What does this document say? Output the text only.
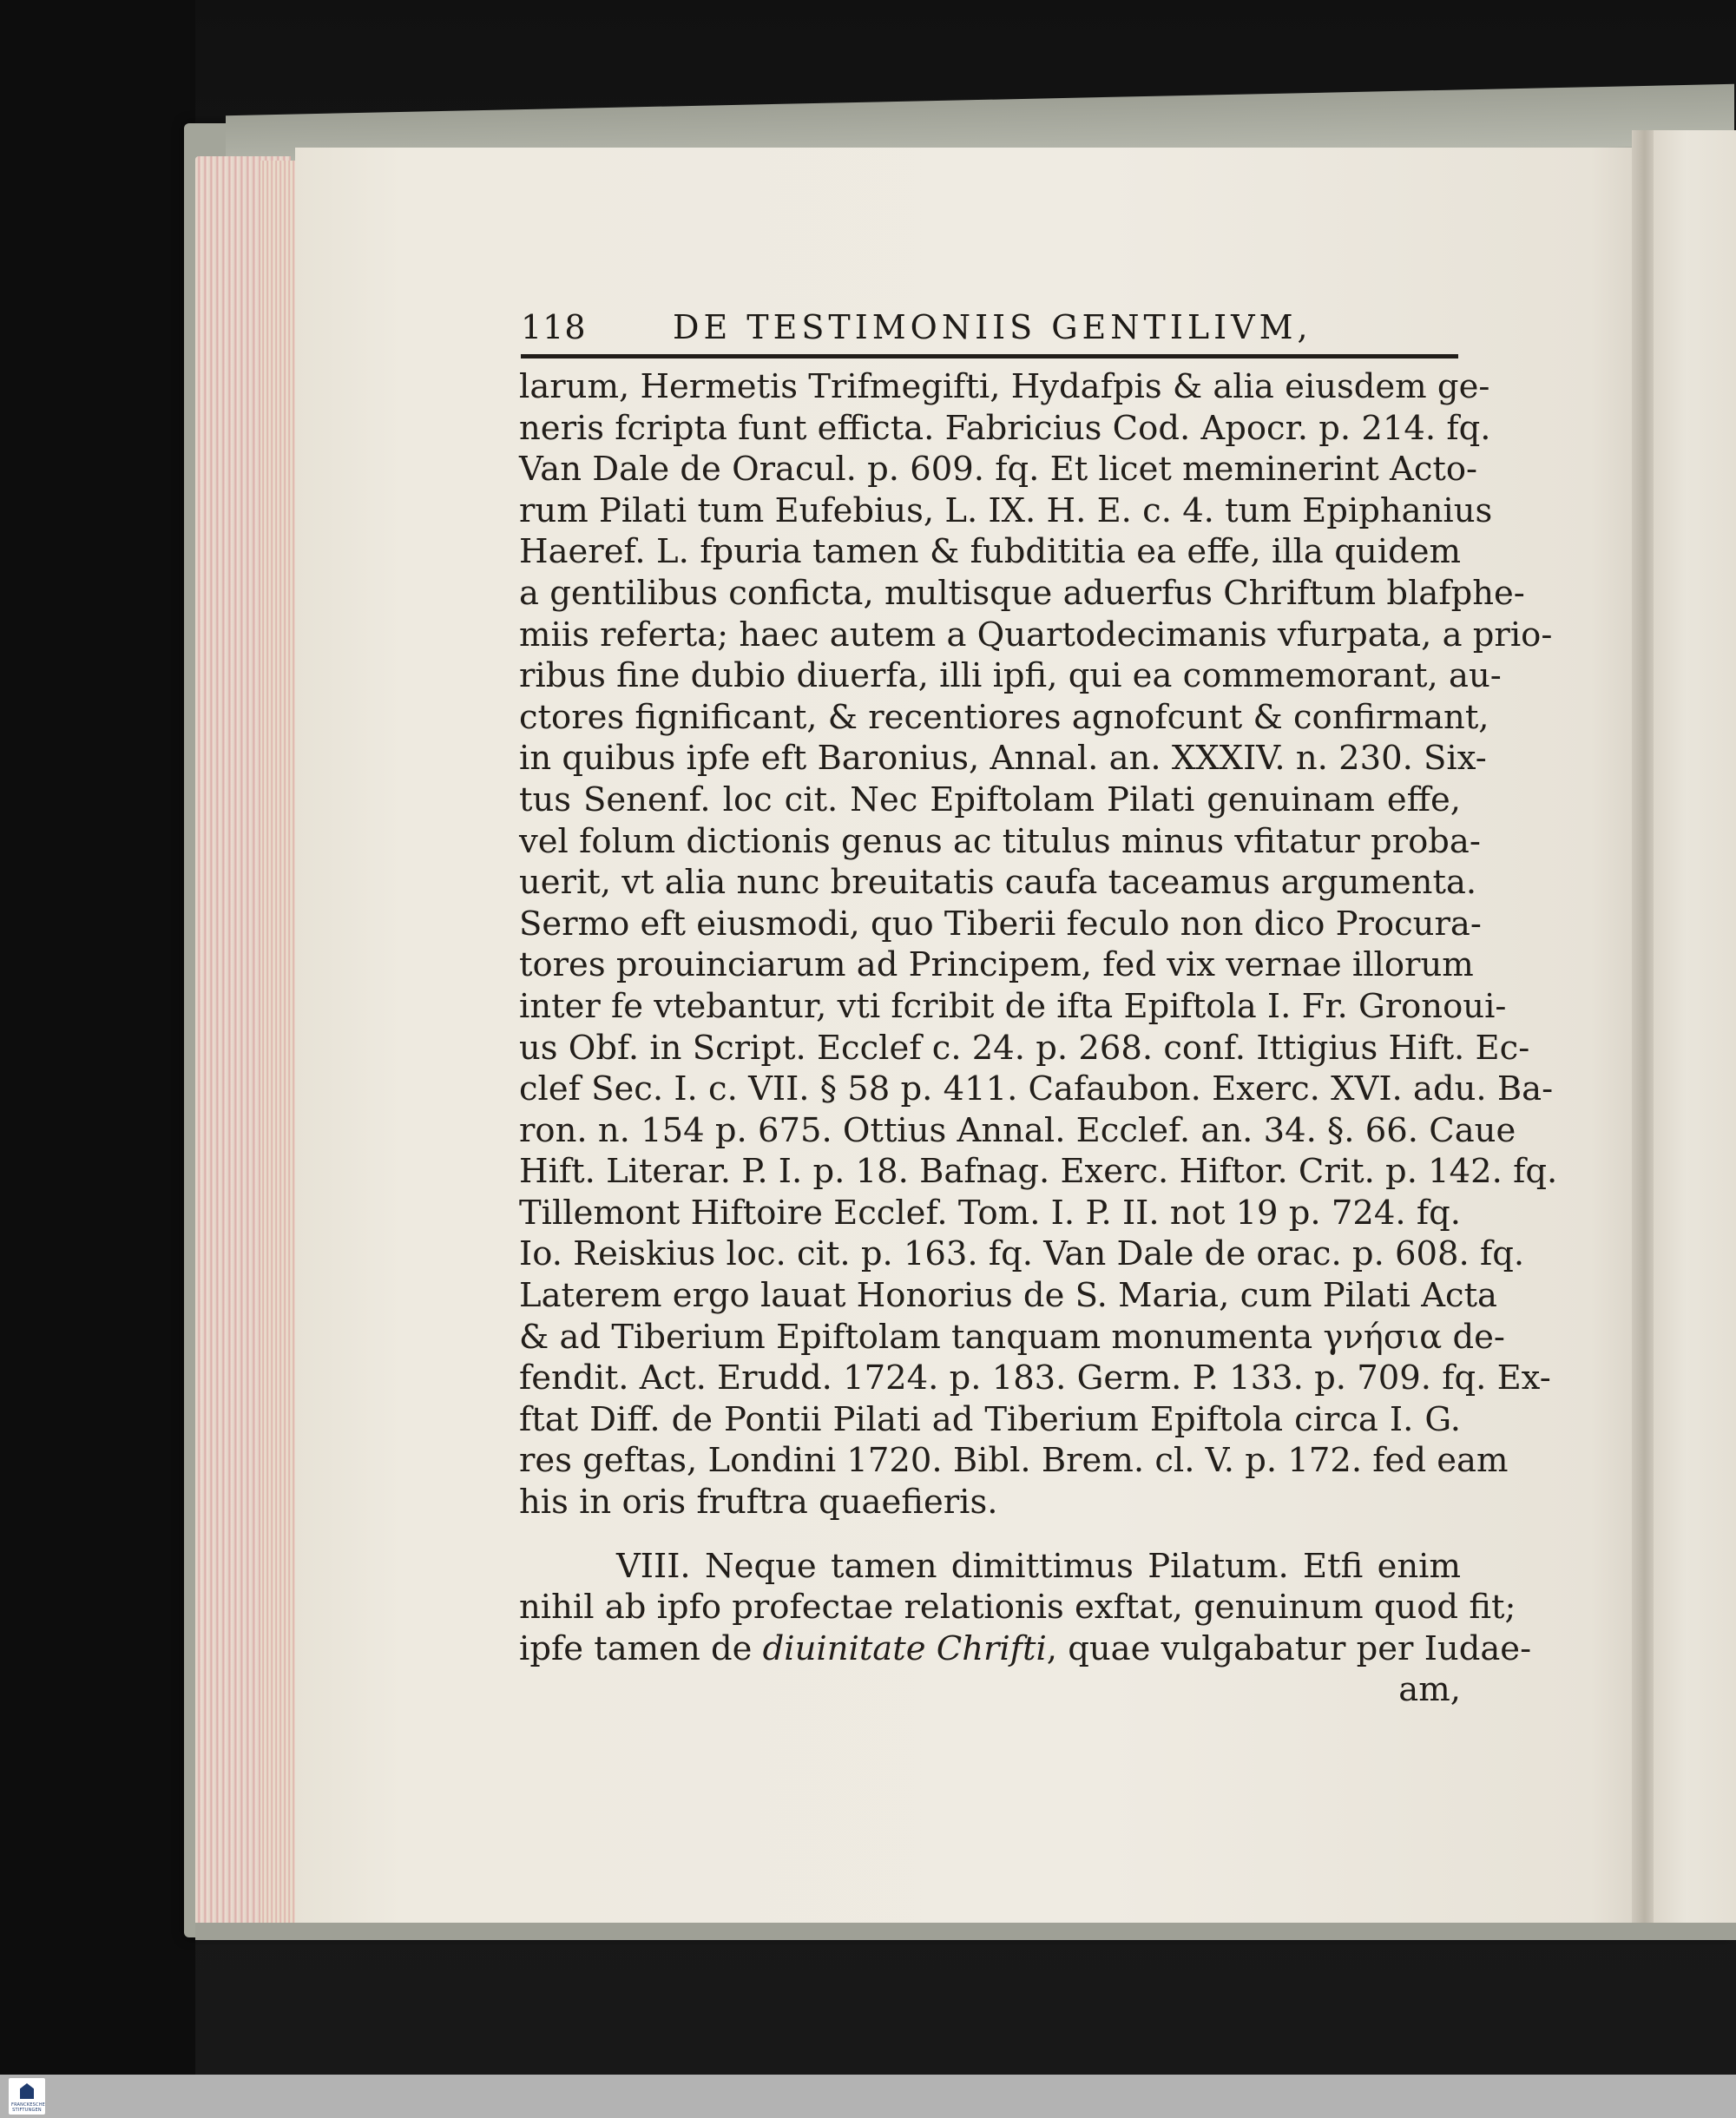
118	DE TESTIMONIIS GENTILIVM,
larum, Hermetis Trifmegifti, Hydafpis & alia eiusdem ge-
neris fcripta funt efficta. Fabricius Cod. Apocr. p. 214. fq.
Van Dale de Oracul. p. 609. fq. Et licet meminerint Acto-
rum Pilati tum Eufebius, L. IX. H. E. c. 4. tum Epiphanius
Haeref. L. fpuria tamen & fubdititia ea effe, illa quidem
a gentilibus conficta, multisque aduerfus Chriftum blafphe-
miis referta; haec autem a Quartodecimanis vfurpata, a prio-
ribus fine dubio diuerfa, illi ipfi, qui ea commemorant, au-
ctores fignificant, & recentiores agnofcunt & confirmant,
in quibus ipfe eft Baronius, Annal. an. XXXIV. n. 230. Six-
tus Senenf. loc cit. Nec Epiftolam Pilati genuinam effe,
vel folum dictionis genus ac titulus minus vfitatur proba-
uerit, vt alia nunc breuitatis caufa taceamus argumenta.
Sermo eft eiusmodi, quo Tiberii feculo non dico Procura-
tores prouinciarum ad Principem, fed vix vernae illorum
inter fe vtebantur, vti fcribit de ifta Epiftola I. Fr. Gronoui-
us Obf. in Script. Ecclef c. 24. p. 268. conf. Ittigius Hift. Ec-
clef Sec. I. c. VII. § 58 p. 411. Cafaubon. Exerc. XVI. adu. Ba-
ron. n. 154 p. 675. Ottius Annal. Ecclef. an. 34. §. 66. Caue
Hift. Literar. P. I. p. 18. Bafnag. Exerc. Hiftor. Crit. p. 142. fq.
Tillemont Hiftoire Ecclef. Tom. I. P. II. not 19 p. 724. fq.
Io. Reiskius loc. cit. p. 163. fq. Van Dale de orac. p. 608. fq.
Laterem ergo lauat Honorius de S. Maria, cum Pilati Acta
& ad Tiberium Epiftolam tanquam monumenta γνήσια de-
fendit. Act. Erudd. 1724. p. 183. Germ. P. 133. p. 709. fq. Ex-
ftat Diff. de Pontii Pilati ad Tiberium Epiftola circa I. G.
res geftas, Londini 1720. Bibl. Brem. cl. V. p. 172. fed eam
his in oris fruftra quaefieris.
VIII. Neque tamen dimittimus Pilatum. Etfi enim
nihil ab ipfo profectae relationis exftat, genuinum quod fit;
ipfe tamen de diuinitate Chrifti, quae vulgabatur per Iudae-
am,
FRANCKESCHE STIFTUNGEN
